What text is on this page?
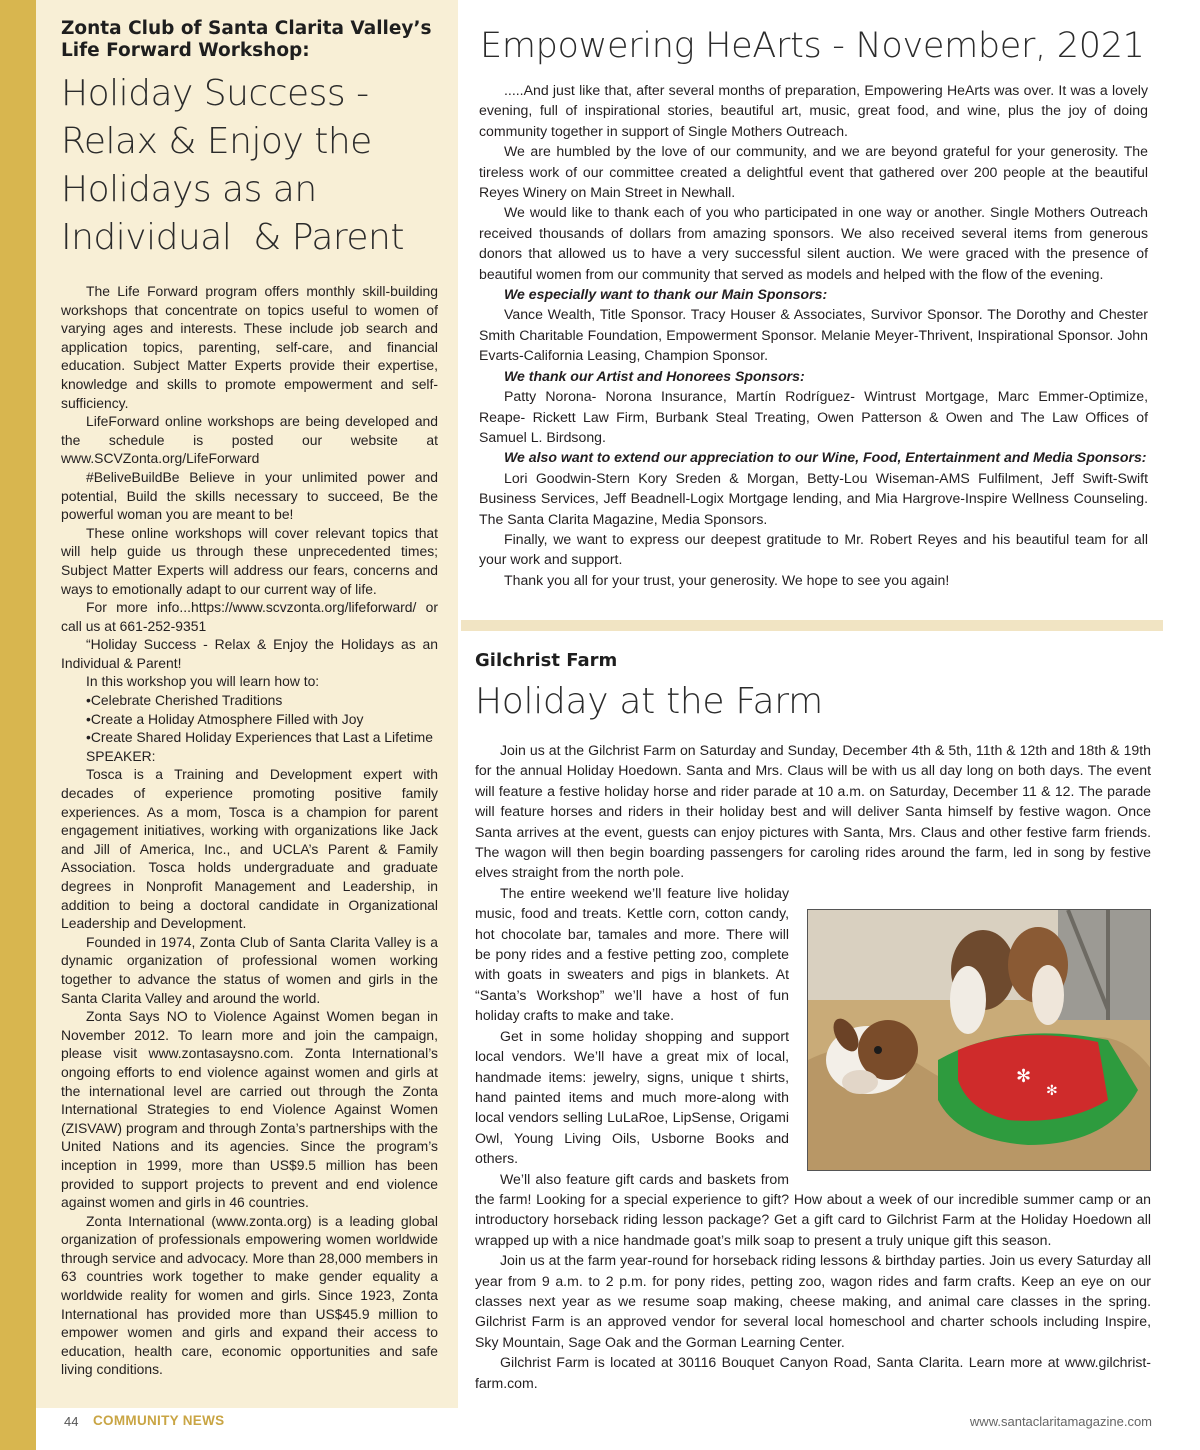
Zonta Club of Santa Clarita Valley’s
Life Forward Workshop:
Holiday Success -
Relax & Enjoy the
Holidays as an
Individual  & Parent

The Life Forward program offers monthly skill-building workshops that concentrate on topics useful to women of varying ages and interests. These include job search and application topics, parenting, self-care, and financial education. Subject Matter Experts provide their expertise, knowledge and skills to promote empowerment and self-sufficiency.

LifeForward online workshops are being developed and the schedule is posted our website at www.SCVZonta.org/LifeForward

#BeliveBuildBe Believe in your unlimited power and potential, Build the skills necessary to succeed, Be the powerful woman you are meant to be!

These online workshops will cover relevant topics that will help guide us through these unprecedented times; Subject Matter Experts will address our fears, concerns and ways to emotionally adapt to our current way of life.

For more info...https://www.scvzonta.org/lifeforward/ or call us at 661-252-9351

“Holiday Success - Relax & Enjoy the Holidays as an Individual & Parent!

In this workshop you will learn how to:

•Celebrate Cherished Traditions

•Create a Holiday Atmosphere Filled with Joy

•Create Shared Holiday Experiences that Last a Lifetime

SPEAKER:

Tosca is a Training and Development expert with decades of experience promoting positive family experiences. As a mom, Tosca is a champion for parent engagement initiatives, working with organizations like Jack and Jill of America, Inc., and UCLA’s Parent & Family Association. Tosca holds undergraduate and graduate degrees in Nonprofit Management and Leadership, in addition to being a doctoral candidate in Organizational Leadership and Development.

Founded in 1974, Zonta Club of Santa Clarita Valley is a dynamic organization of professional women working together to advance the status of women and girls in the Santa Clarita Valley and around the world.

Zonta Says NO to Violence Against Women began in November 2012. To learn more and join the campaign, please visit www.zontasaysno.com. Zonta International’s ongoing efforts to end violence against women and girls at the international level are carried out through the Zonta International Strategies to end Violence Against Women (ZISVAW) program and through Zonta’s partnerships with the United Nations and its agencies. Since the program’s inception in 1999, more than US$9.5 million has been provided to support projects to prevent and end violence against women and girls in 46 countries.

Zonta International (www.zonta.org) is a leading global organization of professionals empowering women worldwide through service and advocacy. More than 28,000 members in 63 countries work together to make gender equality a worldwide reality for women and girls. Since 1923, Zonta International has provided more than US$45.9 million to empower women and girls and expand their access to education, health care, economic opportunities and safe living conditions.

Empowering HeArts - November, 2021

.....And just like that, after several months of preparation, Empowering HeArts was over. It was a lovely evening, full of inspirational stories, beautiful art, music, great food, and wine, plus the joy of doing community together in support of Single Mothers Outreach.

We are humbled by the love of our community, and we are beyond grateful for your generosity. The tireless work of our committee created a delightful event that gathered over 200 people at the beautiful Reyes Winery on Main Street in Newhall.

We would like to thank each of you who participated in one way or another. Single Mothers Outreach received thousands of dollars from amazing sponsors. We also received several items from generous donors that allowed us to have a very successful silent auction. We were graced with the presence of beautiful women from our community that served as models and helped with the flow of the evening.

We especially want to thank our Main Sponsors:

Vance Wealth, Title Sponsor. Tracy Houser & Associates, Survivor Sponsor. The Dorothy and Chester Smith Charitable Foundation, Empowerment Sponsor. Melanie Meyer-Thrivent, Inspirational Sponsor. John Evarts-California Leasing, Champion Sponsor.

We thank our Artist and Honorees Sponsors:

Patty Norona- Norona Insurance, Martín Rodríguez- Wintrust Mortgage, Marc Emmer-Optimize, Reape- Rickett Law Firm, Burbank Steal Treating, Owen Patterson & Owen and The Law Offices of Samuel L. Birdsong.

We also want to extend our appreciation to our Wine, Food, Entertainment and Media Sponsors:

Lori Goodwin-Stern Kory Sreden & Morgan, Betty-Lou Wiseman-AMS Fulfilment, Jeff Swift-Swift Business Services, Jeff Beadnell-Logix Mortgage lending, and Mia Hargrove-Inspire Wellness Counseling. The Santa Clarita Magazine, Media Sponsors.

Finally, we want to express our deepest gratitude to Mr. Robert Reyes and his beautiful team for all your work and support.

Thank you all for your trust, your generosity. We hope to see you again!

Gilchrist Farm
Holiday at the Farm

Join us at the Gilchrist Farm on Saturday and Sunday, December 4th & 5th, 11th & 12th and 18th & 19th for the annual Holiday Hoedown. Santa and Mrs. Claus will be with us all day long on both days. The event will feature a festive holiday horse and rider parade at 10 a.m. on Saturday, December 11 & 12. The parade will feature horses and riders in their holiday best and will deliver Santa himself by festive wagon. Once Santa arrives at the event, guests can enjoy pictures with Santa, Mrs. Claus and other festive farm friends. The wagon will then begin boarding passengers for caroling rides around the farm, led in song by festive elves straight from the north pole.

✻
✻

The entire weekend we’ll feature live holiday music, food and treats. Kettle corn, cotton candy, hot chocolate bar, tamales and more. There will be pony rides and a festive petting zoo, complete with goats in sweaters and pigs in blankets. At “Santa’s Workshop” we’ll have a host of fun holiday crafts to make and take.

Get in some holiday shopping and support local vendors. We’ll have a great mix of local, handmade items: jewelry, signs, unique t shirts, hand painted items and much more-along with local vendors selling LuLaRoe, LipSense, Origami Owl, Young Living Oils, Usborne Books and others.

We’ll also feature gift cards and baskets from the farm! Looking for a special experience to gift? How about a week of our incredible summer camp or an introductory horseback riding lesson package? Get a gift card to Gilchrist Farm at the Holiday Hoedown all wrapped up with a nice handmade goat’s milk soap to present a truly unique gift this season.

Join us at the farm year-round for horseback riding lessons & birthday parties. Join us every Saturday all year from 9 a.m. to 2 p.m. for pony rides, petting zoo, wagon rides and farm crafts. Keep an eye on our classes next year as we resume soap making, cheese making, and animal care classes in the spring. Gilchrist Farm is an approved vendor for several local homeschool and charter schools including Inspire, Sky Mountain, Sage Oak and the Gorman Learning Center.

Gilchrist Farm is located at 30116 Bouquet Canyon Road, Santa Clarita. Learn more at www.gilchrist-farm.com.

44 COMMUNITY NEWS	www.santaclaritamagazine.com
